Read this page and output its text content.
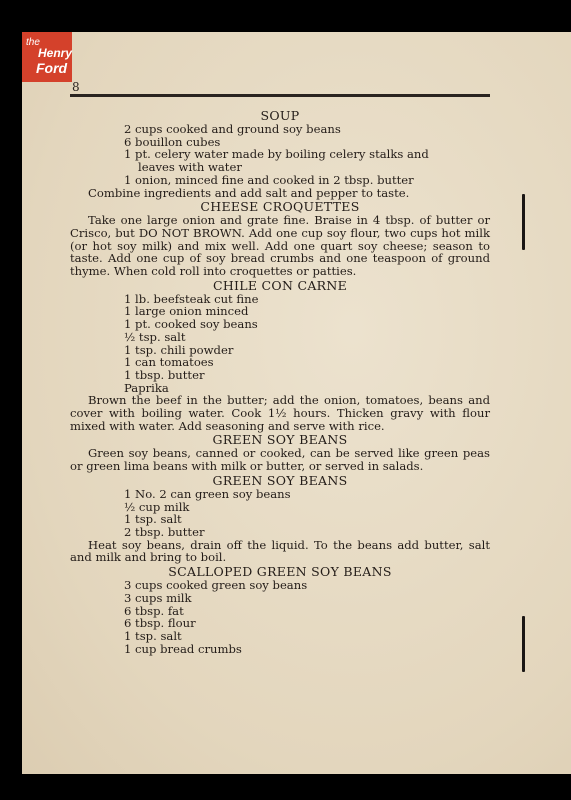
the
Henry
Ford
8
SOUP
2 cups cooked and ground soy beans
6 bouillon cubes
1 pt. celery water made by boiling celery stalks and
leaves with water
1 onion, minced fine and cooked in 2 tbsp. butter
Combine ingredients and add salt and pepper to taste.
CHEESE CROQUETTES
Take one large onion and grate fine. Braise in 4 tbsp. of butter or Crisco, but DO NOT BROWN. Add one cup soy flour, two cups hot milk (or hot soy milk) and mix well. Add one quart soy cheese; season to taste. Add one cup of soy bread crumbs and one teaspoon of ground thyme. When cold roll into croquettes or patties.
CHILE CON CARNE
1 lb. beefsteak cut fine
1 large onion minced
1 pt. cooked soy beans
½ tsp. salt
1 tsp. chili powder
1 can tomatoes
1 tbsp. butter
Paprika
Brown the beef in the butter; add the onion, tomatoes, beans and cover with boiling water. Cook 1½ hours. Thicken gravy with flour mixed with water. Add seasoning and serve with rice.
GREEN SOY BEANS
Green soy beans, canned or cooked, can be served like green peas or green lima beans with milk or butter, or served in salads.
GREEN SOY BEANS
1 No. 2 can green soy beans
½ cup milk
1 tsp. salt
2 tbsp. butter
Heat soy beans, drain off the liquid. To the beans add butter, salt and milk and bring to boil.
SCALLOPED GREEN SOY BEANS
3 cups cooked green soy beans
3 cups milk
6 tbsp. fat
6 tbsp. flour
1 tsp. salt
1 cup bread crumbs
